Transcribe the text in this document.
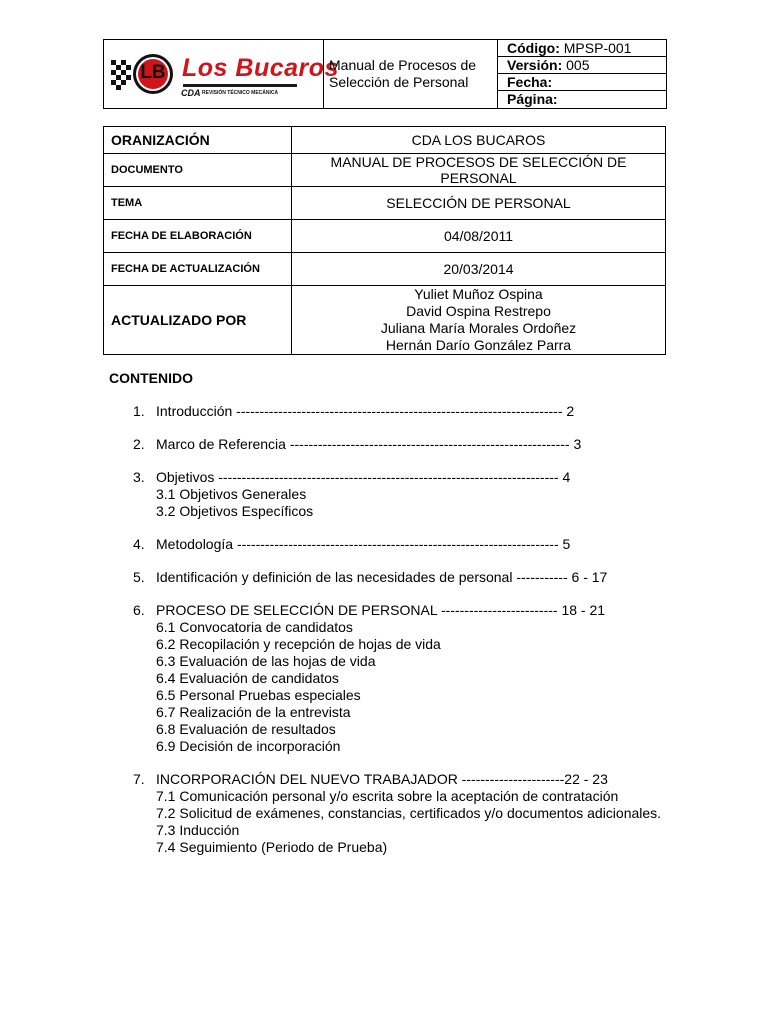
LB Los Bucaros
CDA REVISIÓN TÉCNICO MECÁNICA
Manual de Procesos de
Selección de Personal
Código: MPSP-001
Versión: 005
Fecha:
Página:
ORANIZACIÓN	CDA LOS BUCAROS
DOCUMENTO	MANUAL DE PROCESOS DE SELECCIÓN DE PERSONAL
TEMA	SELECCIÓN DE PERSONAL
FECHA DE ELABORACIÓN	04/08/2011
FECHA DE ACTUALIZACIÓN	20/03/2014
ACTUALIZADO POR	Yuliet Muñoz Ospina
David Ospina Restrepo
Juliana María Morales Ordoñez
Hernán Darío González Parra
CONTENIDO
1. Introducción ---------------------------------------------------------------------- 2
2. Marco de Referencia ------------------------------------------------------------ 3
3. Objetivos ------------------------------------------------------------------------- 4
3.1 Objetivos Generales
3.2 Objetivos Específicos
4. Metodología --------------------------------------------------------------------- 5
5. Identificación y definición de las necesidades de personal ----------- 6 - 17
6. PROCESO DE SELECCIÓN DE PERSONAL ------------------------- 18 - 21
6.1 Convocatoria de candidatos
6.2 Recopilación y recepción de hojas de vida
6.3 Evaluación de las hojas de vida
6.4 Evaluación de candidatos
6.5 Personal Pruebas especiales
6.7 Realización de la entrevista
6.8 Evaluación de resultados
6.9 Decisión de incorporación
7. INCORPORACIÓN DEL NUEVO TRABAJADOR ----------------------22 - 23
7.1 Comunicación personal y/o escrita sobre la aceptación de contratación
7.2 Solicitud de exámenes, constancias, certificados y/o documentos adicionales.
7.3 Inducción
7.4 Seguimiento (Periodo de Prueba)
